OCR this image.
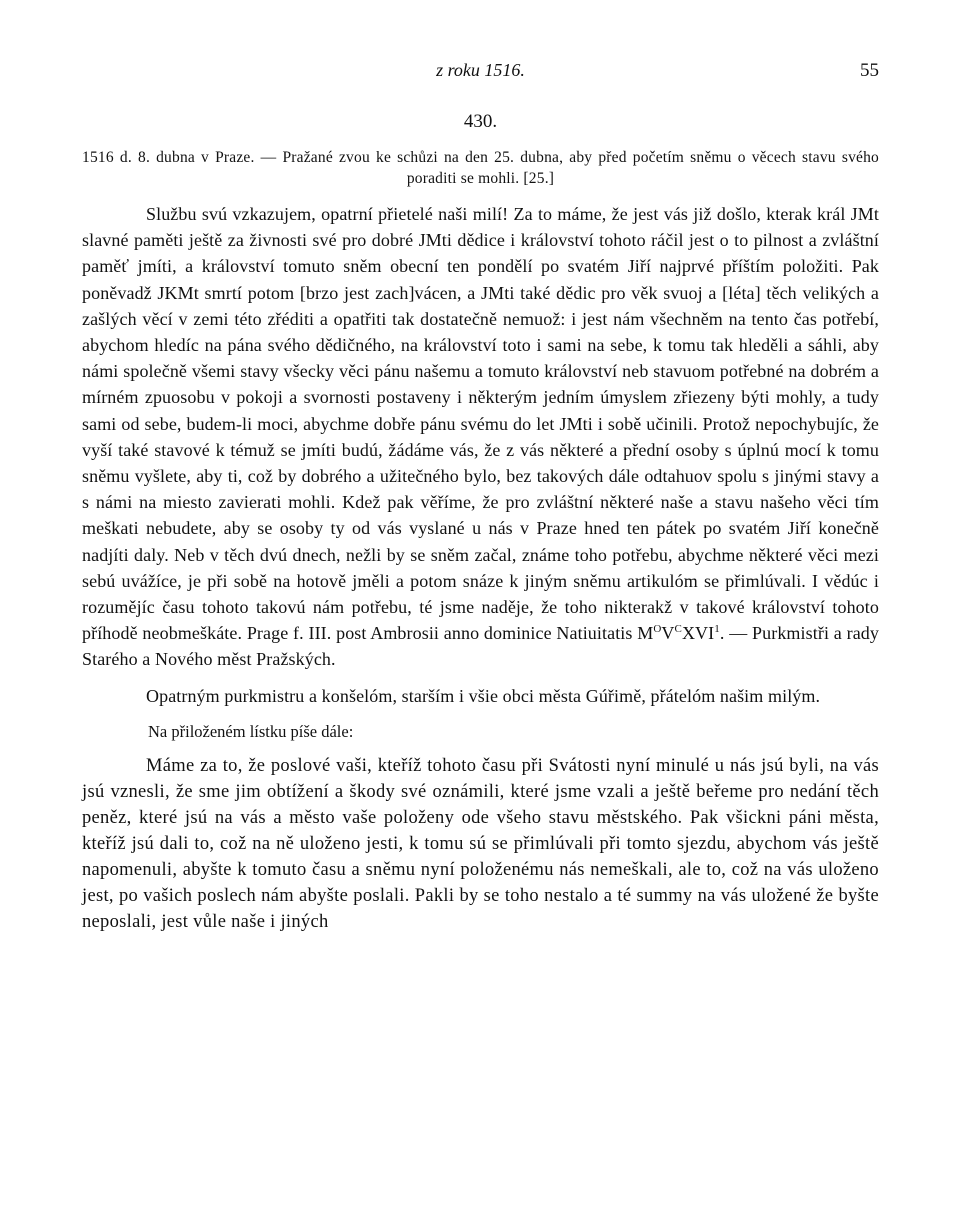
z roku 1516.	55
430.
1516 d. 8. dubna v Praze. — Pražané zvou ke schůzi na den 25. dubna, aby před početím sněmu o věcech stavu svého poraditi se mohli. [25.]

Službu svú vzkazujem, opatrní přietelé naši milí! Za to máme, že jest vás již došlo, kterak král JMt slavné paměti ještě za živnosti své pro dobré JMti dědice i království tohoto ráčil jest o to pilnost a zvláštní paměť jmíti, a království tomuto sněm obecní ten pondělí po svatém Jiří najprvé příštím položiti. Pak poněvadž JKMt smrtí potom [brzo jest zach]vácen, a JMti také dědic pro věk svuoj a [léta] těch velikých a zašlých věcí v zemi této zřéditi a opatřiti tak dostatečně nemuož: i jest nám všechněm na tento čas potřebí, abychom hledíc na pána svého dědičného, na království toto i sami na sebe, k tomu tak hleděli a sáhli, aby námi společně všemi stavy všecky věci pánu našemu a tomuto království neb stavuom potřebné na dobrém a mírném zpuosobu v pokoji a svornosti postaveny i některým jedním úmyslem zřiezeny býti mohly, a tudy sami od sebe, budem-li moci, abychme dobře pánu svému do let JMti i sobě učinili. Protož nepochybujíc, že vyší také stavové k témuž se jmíti budú, žádáme vás, že z vás některé a přední osoby s úplnú mocí k tomu sněmu vyšlete, aby ti, což by dobrého a užitečného bylo, bez takových dále odtahuov spolu s jinými stavy a s námi na miesto zavierati mohli. Kdež pak věříme, že pro zvláštní některé naše a stavu našeho věci tím meškati nebudete, aby se osoby ty od vás vyslané u nás v Praze hned ten pátek po svatém Jiří konečně nadjíti daly. Neb v těch dvú dnech, nežli by se sněm začal, známe toho potřebu, abychme některé věci mezi sebú uvážíce, je při sobě na hotově jměli a potom snáze k jiným sněmu artikulóm se přimlúvali. I vědúc i rozumějíc času tohoto takovú nám potřebu, té jsme naděje, že toho nikterakž v takové království tohoto příhodě neobmeškáte. Prage f. III. post Ambrosii anno dominice Natiuitatis $M^OV^CXVI^1$. — Purkmistři a rady Starého a Nového měst Pražských.

Opatrným purkmistru a konšelóm, starším i všie obci města Gúřimě, přátelóm našim milým.

Na přiloženém lístku píše dále:

Máme za to, že poslové vaši, kteříž tohoto času při Svátosti nyní minulé u nás jsú byli, na vás jsú vznesli, že sme jim obtížení a škody své oznámili, které jsme vzali a ještě beřeme pro nedání těch peněz, které jsú na vás a město vaše položeny ode všeho stavu městského. Pak všickni páni města, kteříž jsú dali to, což na ně uloženo jesti, k tomu sú se přimlúvali při tomto sjezdu, abychom vás ještě napomenuli, abyšte k tomuto času a sněmu nyní položenému nás nemeškali, ale to, což na vás uloženo jest, po vašich poslech nám abyšte poslali. Pakli by se toho nestalo a té summy na vás uložené že byšte neposlali, jest vůle naše i jiných
